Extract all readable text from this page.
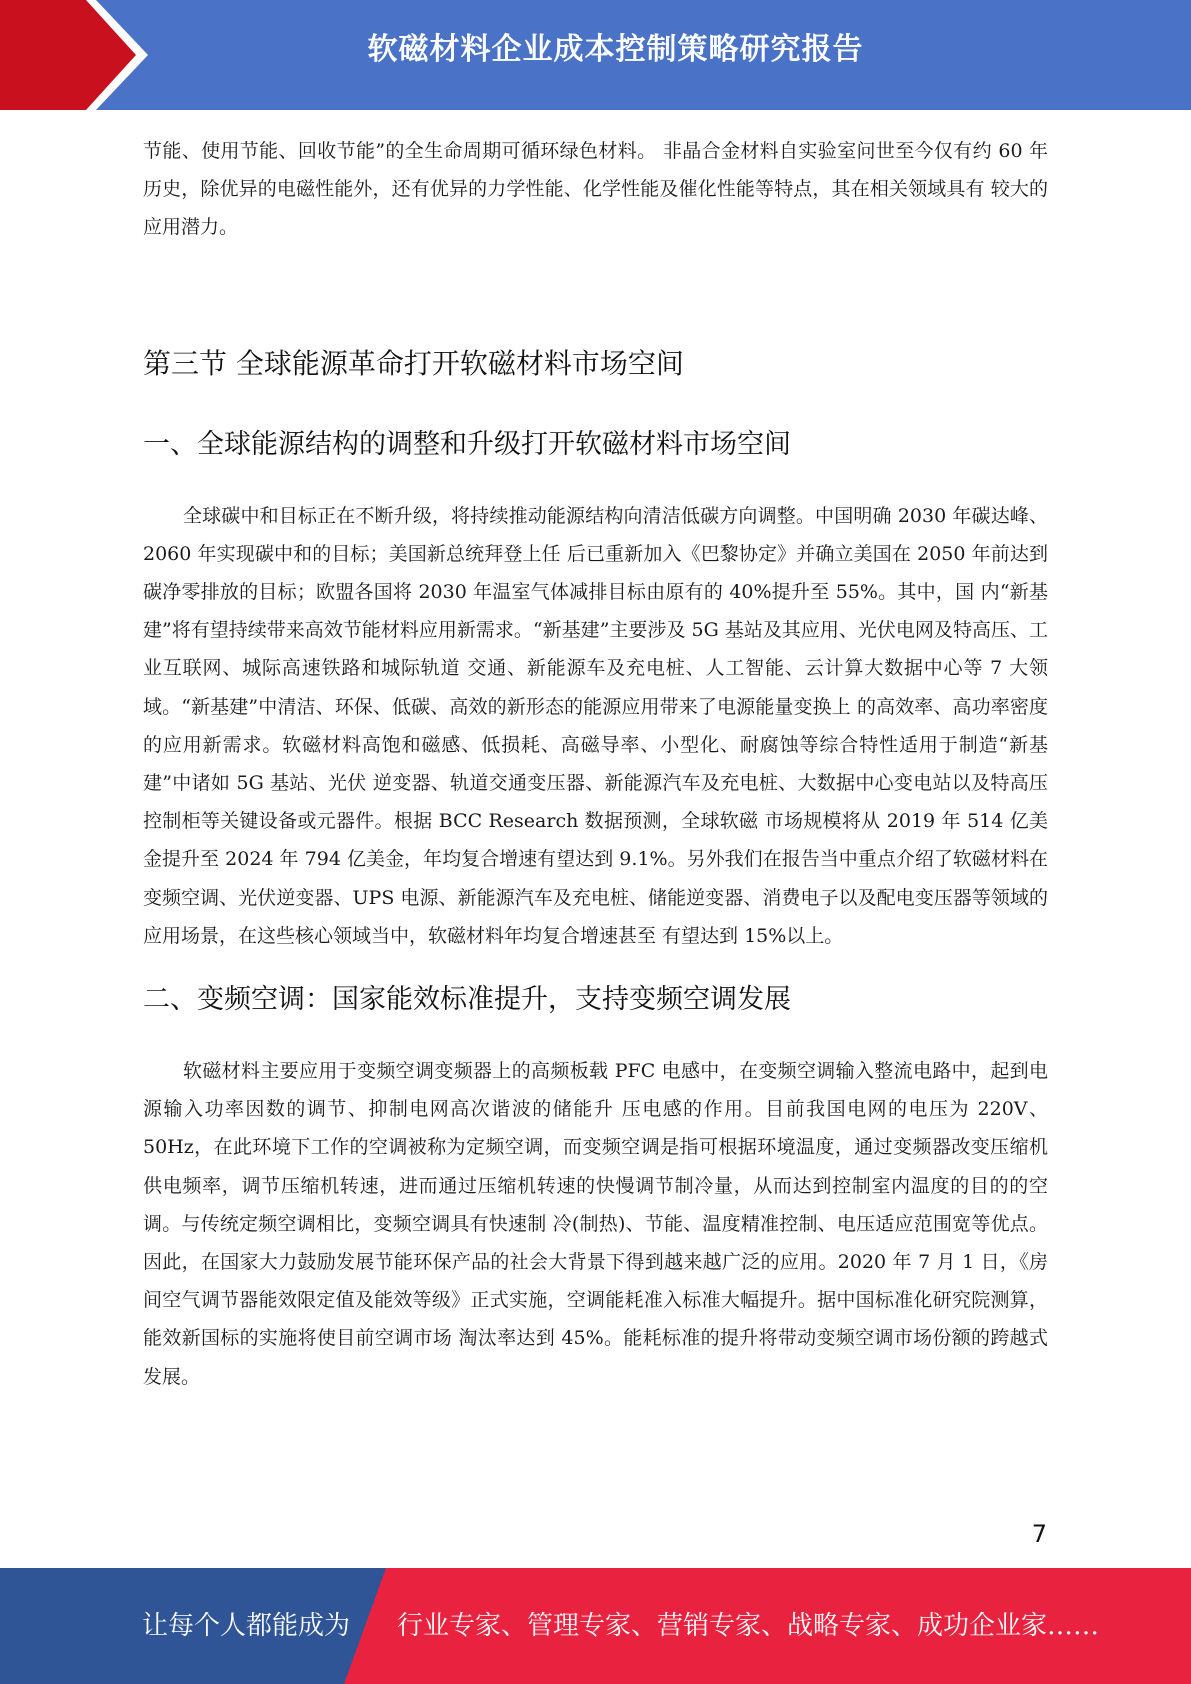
软磁材料企业成本控制策略研究报告

节能、使用节能、回收节能”的全生命周期可循环绿色材料。 非晶合金材料自实验室问世至今仅有约 60 年历史，除优异的电磁性能外，还有优异的力学性能、化学性能及催化性能等特点，其在相关领域具有 较大的应用潜力。

第三节 全球能源革命打开软磁材料市场空间
一、全球能源结构的调整和升级打开软磁材料市场空间

全球碳中和目标正在不断升级，将持续推动能源结构向清洁低碳方向调整。中国明确 2030 年碳达峰、2060 年实现碳中和的目标；美国新总统拜登上任 后已重新加入《巴黎协定》并确立美国在 2050 年前达到碳净零排放的目标；欧盟各国将 2030 年温室气体减排目标由原有的 40%提升至 55%。其中，国 内“新基建”将有望持续带来高效节能材料应用新需求。“新基建”主要涉及 5G 基站及其应用、光伏电网及特高压、工业互联网、城际高速铁路和城际轨道 交通、新能源车及充电桩、人工智能、云计算大数据中心等 7 大领域。“新基建”中清洁、环保、低碳、高效的新形态的能源应用带来了电源能量变换上 的高效率、高功率密度的应用新需求。软磁材料高饱和磁感、低损耗、高磁导率、小型化、耐腐蚀等综合特性适用于制造“新基建”中诸如 5G 基站、光伏 逆变器、轨道交通变压器、新能源汽车及充电桩、大数据中心变电站以及特高压控制柜等关键设备或元器件。根据 BCC Research 数据预测，全球软磁 市场规模将从 2019 年 514 亿美金提升至 2024 年 794 亿美金，年均复合增速有望达到 9.1%。另外我们在报告当中重点介绍了软磁材料在变频空调、光伏逆变器、UPS 电源、新能源汽车及充电桩、储能逆变器、消费电子以及配电变压器等领域的应用场景，在这些核心领域当中，软磁材料年均复合增速甚至 有望达到 15%以上。

二、变频空调：国家能效标准提升，支持变频空调发展

软磁材料主要应用于变频空调变频器上的高频板载 PFC 电感中，在变频空调输入整流电路中，起到电源输入功率因数的调节、抑制电网高次谐波的储能升 压电感的作用。目前我国电网的电压为 220V、50Hz，在此环境下工作的空调被称为定频空调，而变频空调是指可根据环境温度，通过变频器改变压缩机 供电频率，调节压缩机转速，进而通过压缩机转速的快慢调节制冷量，从而达到控制室内温度的目的的空调。与传统定频空调相比，变频空调具有快速制 冷(制热)、节能、温度精准控制、电压适应范围宽等优点。因此，在国家大力鼓励发展节能环保产品的社会大背景下得到越来越广泛的应用。2020 年 7 月 1 日，《房间空气调节器能效限定值及能效等级》正式实施，空调能耗准入标准大幅提升。据中国标准化研究院测算，能效新国标的实施将使目前空调市场 淘汰率达到 45%。能耗标准的提升将带动变频空调市场份额的跨越式发展。

7
让每个人都能成为 行业专家、管理专家、营销专家、战略专家、成功企业家……
